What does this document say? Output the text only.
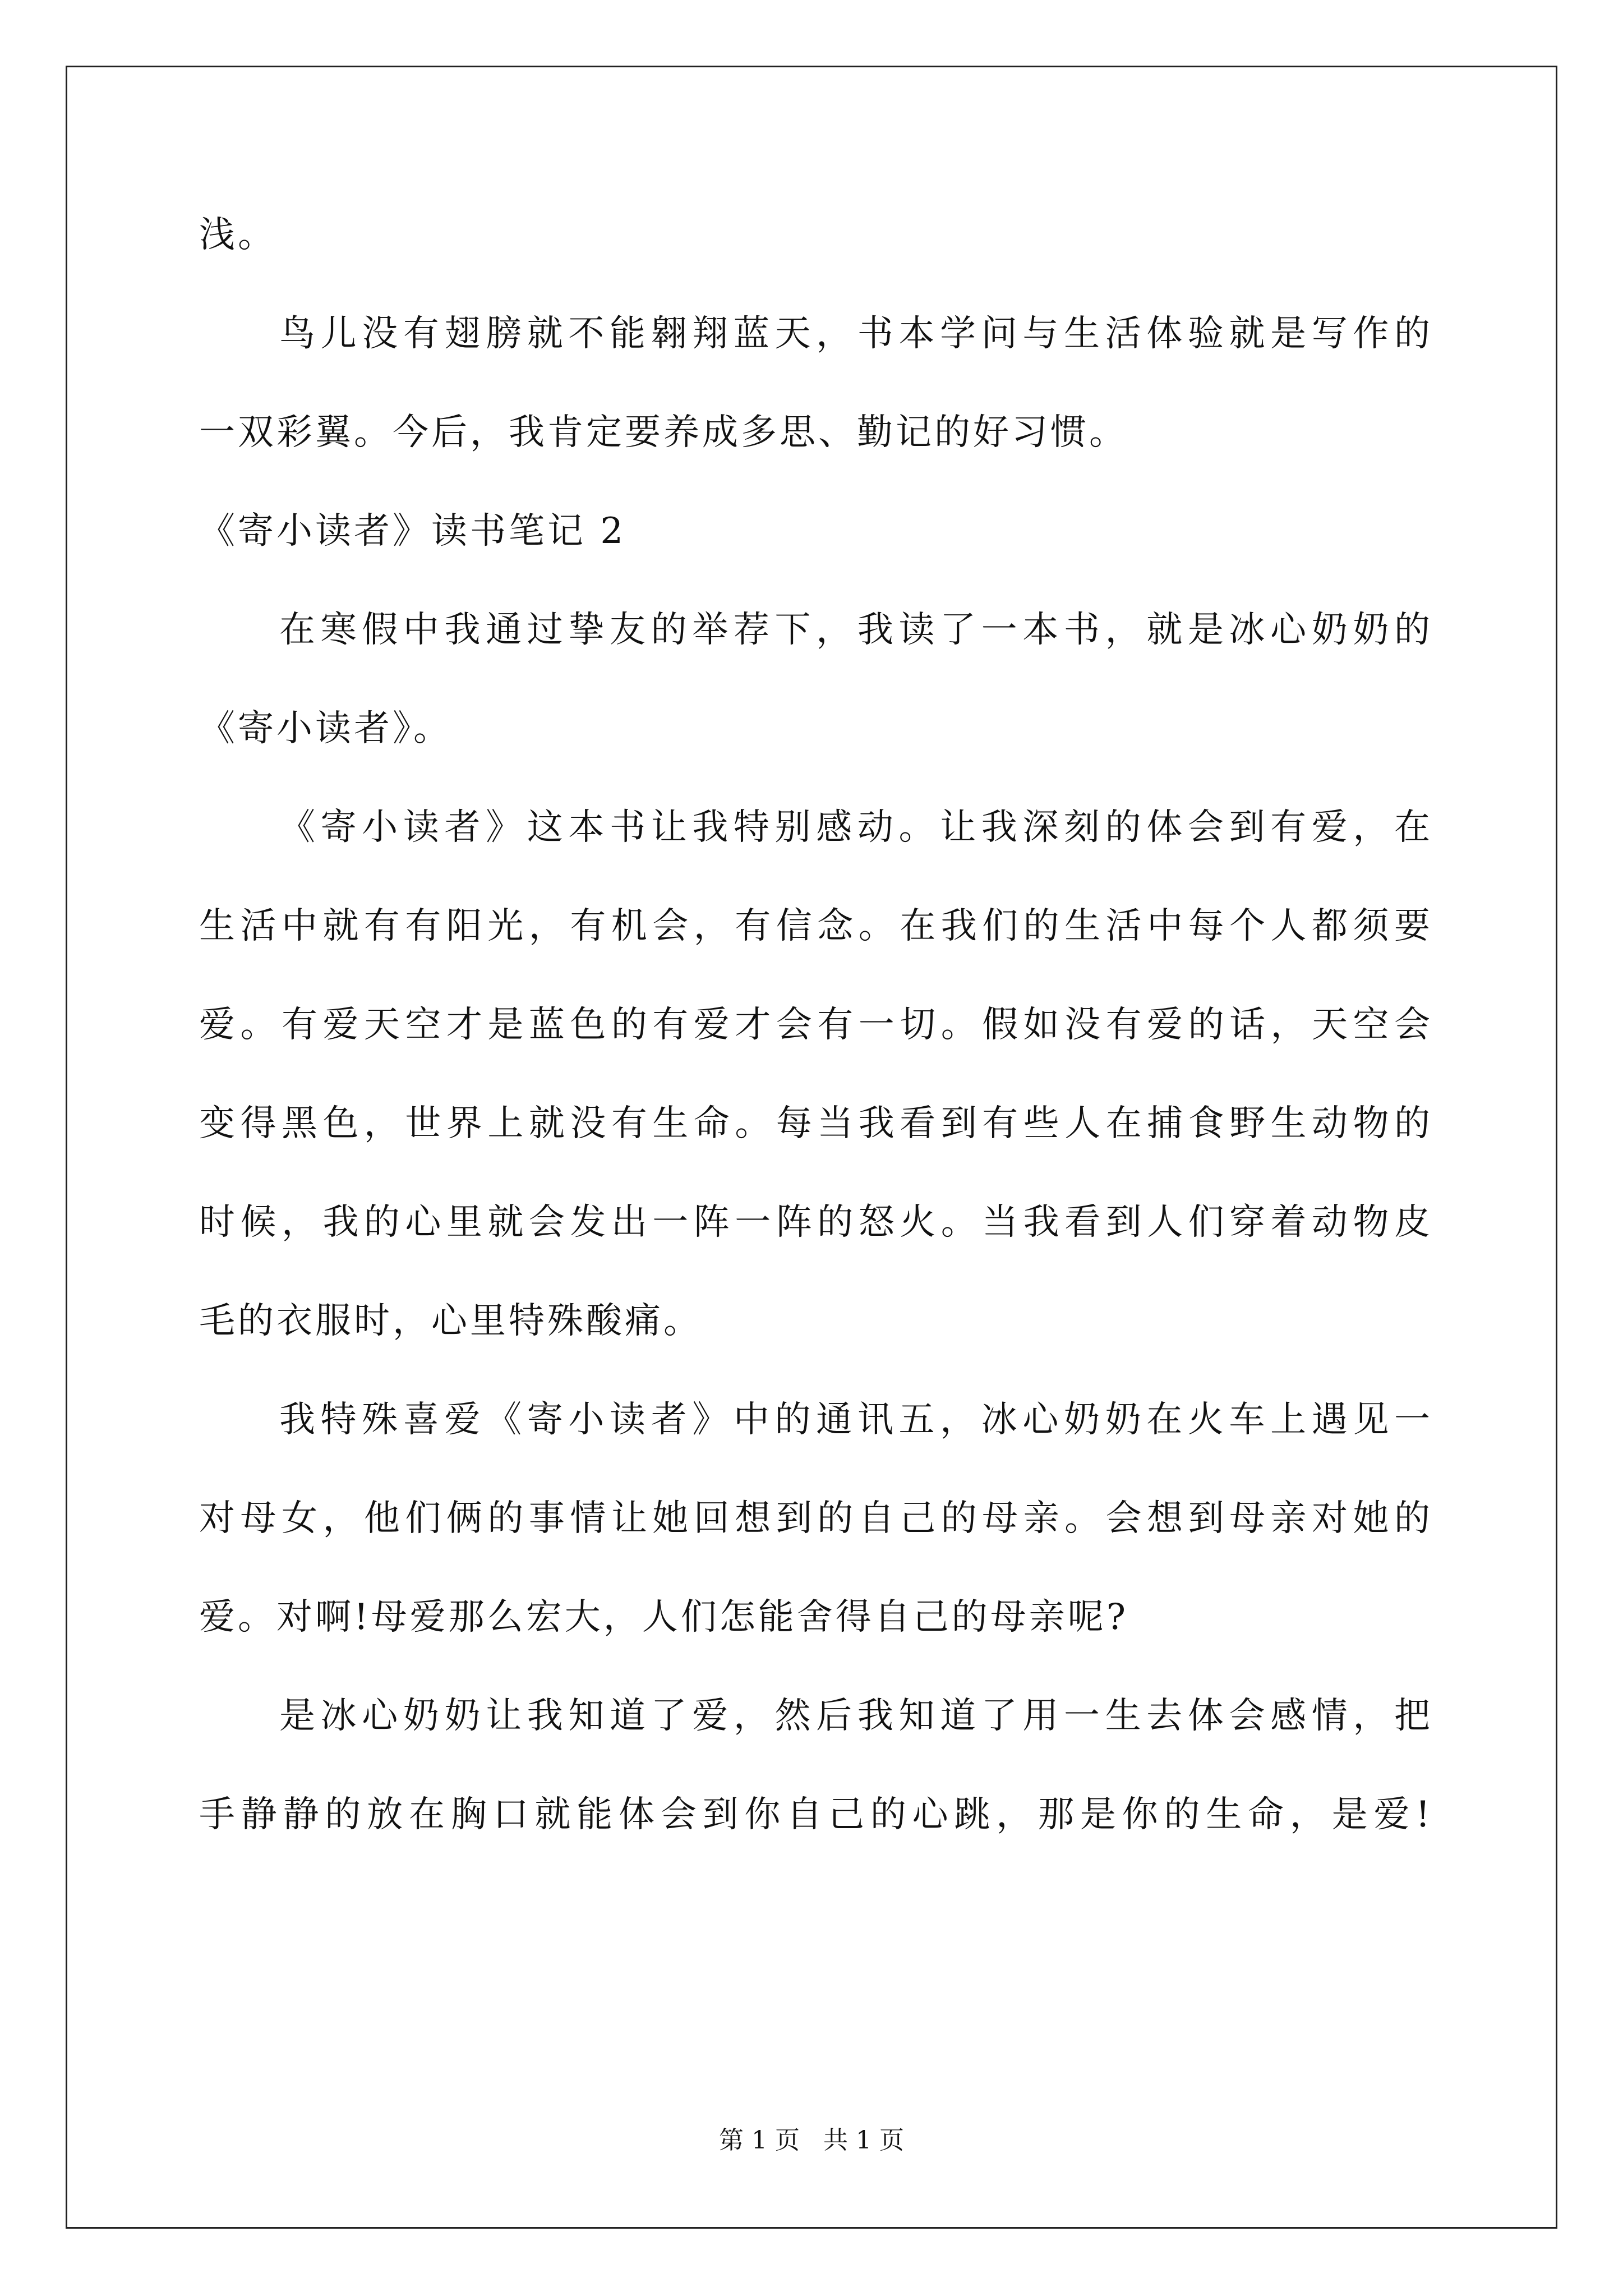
浅。
鸟儿没有翅膀就不能翱翔蓝天，书本学问与生活体验就是写作的
一双彩翼。今后，我肯定要养成多思、勤记的好习惯。
《寄小读者》读书笔记 2
在寒假中我通过挚友的举荐下，我读了一本书，就是冰心奶奶的
《寄小读者》。
《寄小读者》这本书让我特别感动。让我深刻的体会到有爱，在
生活中就有有阳光，有机会，有信念。在我们的生活中每个人都须要
爱。有爱天空才是蓝色的有爱才会有一切。假如没有爱的话，天空会
变得黑色，世界上就没有生命。每当我看到有些人在捕食野生动物的
时候，我的心里就会发出一阵一阵的怒火。当我看到人们穿着动物皮
毛的衣服时，心里特殊酸痛。
我特殊喜爱《寄小读者》中的通讯五，冰心奶奶在火车上遇见一
对母女，他们俩的事情让她回想到的自己的母亲。会想到母亲对她的
爱。对啊!母爱那么宏大，人们怎能舍得自己的母亲呢?
是冰心奶奶让我知道了爱，然后我知道了用一生去体会感情，把
手静静的放在胸口就能体会到你自己的心跳，那是你的生命，是爱!
第 1 页   共 1 页
